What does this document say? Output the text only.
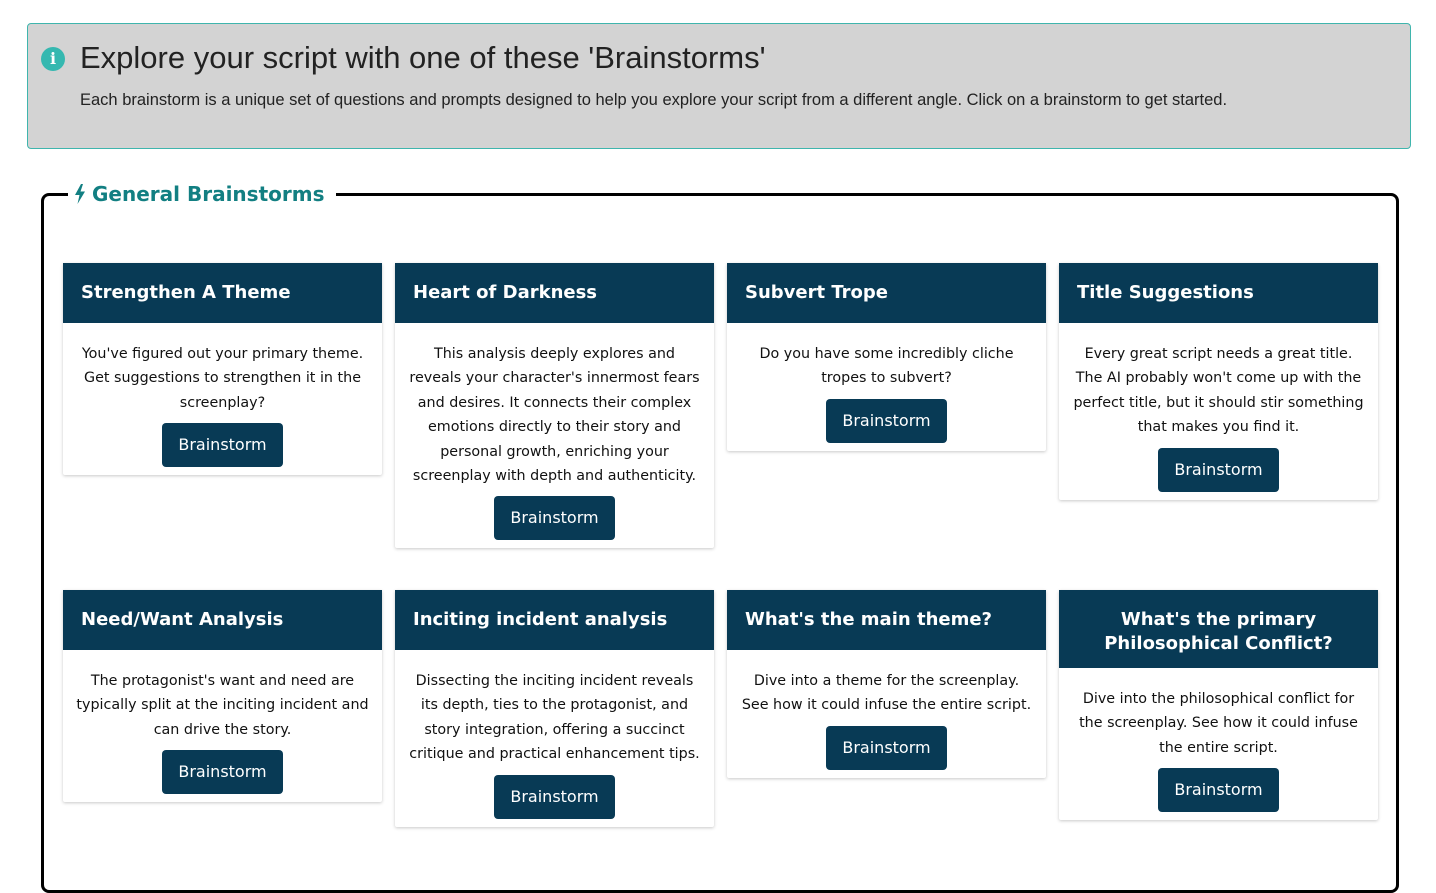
i Explore your script with one of these 'Brainstorms'

Each brainstorm is a unique set of questions and prompts designed to help you explore your script from a different angle. Click on a brainstorm to get started.

General Brainstorms
Strengthen A Theme

You've figured out your primary theme. Get suggestions to strengthen it in the screenplay?

Brainstorm
Heart of Darkness

This analysis deeply explores and reveals your character's innermost fears and desires. It connects their complex emotions directly to their story and personal growth, enriching your screenplay with depth and authenticity.

Brainstorm
Subvert Trope

Do you have some incredibly cliche tropes to subvert?

Brainstorm
Title Suggestions

Every great script needs a great title. The AI probably won't come up with the perfect title, but it should stir something that makes you find it.

Brainstorm
Need/Want Analysis

The protagonist's want and need are typically split at the inciting incident and can drive the story.

Brainstorm
Inciting incident analysis

Dissecting the inciting incident reveals its depth, ties to the protagonist, and story integration, offering a succinct critique and practical enhancement tips.

Brainstorm
What's the main theme?

Dive into a theme for the screenplay. See how it could infuse the entire script.

Brainstorm
What's the primary Philosophical Conflict?

Dive into the philosophical conflict for the screenplay. See how it could infuse the entire script.

Brainstorm
